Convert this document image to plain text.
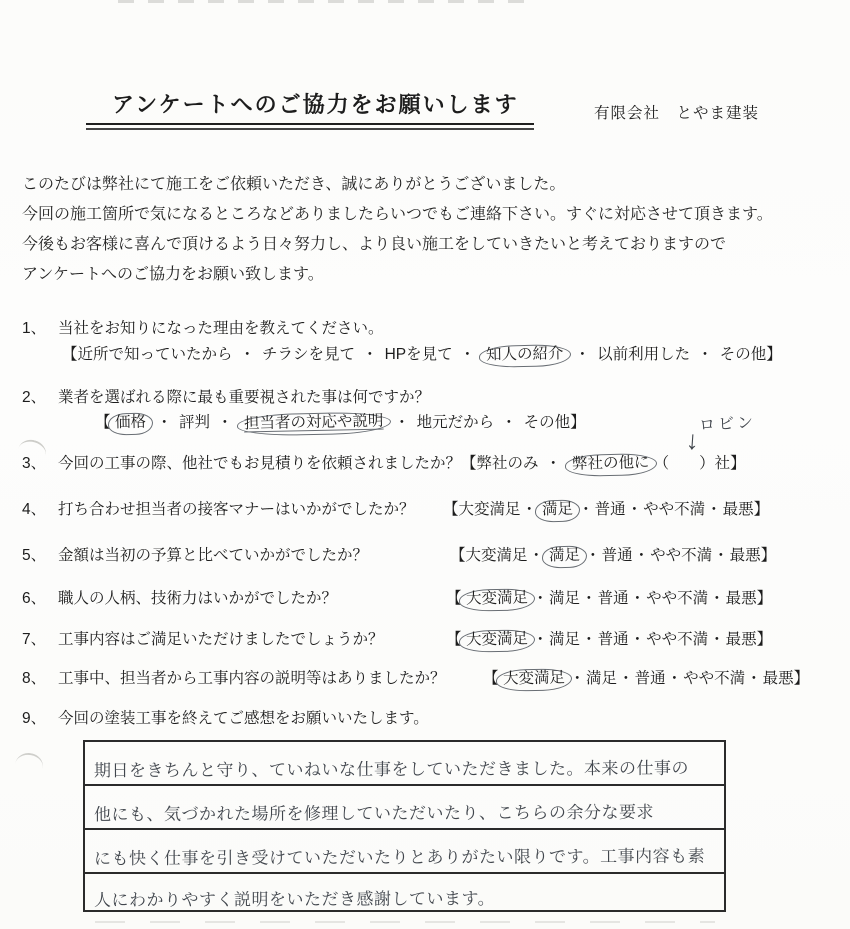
アンケートへのご協力をお願いします	有限会社　とやま建装
このたびは弊社にて施工をご依頼いただき、誠にありがとうございました。
今回の施工箇所で気になるところなどありましたらいつでもご連絡下さい。すぐに対応させて頂きます。
今後もお客様に喜んで頂けるよう日々努力し、より良い施工をしていきたいと考えておりますので
アンケートへのご協力をお願い致します。
1、 当社をお知りになった理由を教えてください。
【近所で知っていたから ・ チラシを見て ・ HPを見て ・ 知人の紹介 ・ 以前利用した ・ その他】
2、 業者を選ばれる際に最も重要視された事は何ですか？
【 価格 ・ 評判 ・ 担当者の対応や説明 ・ 地元だから ・ その他】	ロビン
↓
3、 今回の工事の際、他社でもお見積りを依頼されましたか？【弊社のみ ・ 弊社の他に （ ）社】
4、 打ち合わせ担当者の接客マナーはいかがでしたか？ 【大変満足・ 満足 ・普通・やや不満・最悪】
5、 金額は当初の予算と比べていかがでしたか？	【大変満足・ 満足 ・普通・やや不満・最悪】
6、 職人の人柄、技術力はいかがでしたか？	【 大変満足 ・満足・普通・やや不満・最悪】
7、 工事内容はご満足いただけましたでしょうか？	【 大変満足 ・満足・普通・やや不満・最悪】
8、 工事中、担当者から工事内容の説明等はありましたか？ 【 大変満足 ・満足・普通・やや不満・最悪】
9、 今回の塗装工事を終えてご感想をお願いいたします。
期日をきちんと守り、ていねいな仕事をしていただきました。本来の仕事の
他にも、気づかれた場所を修理していただいたり、こちらの余分な要求
にも快く仕事を引き受けていただいたりとありがたい限りです。工事内容も素
人にわかりやすく説明をいただき感謝しています。
